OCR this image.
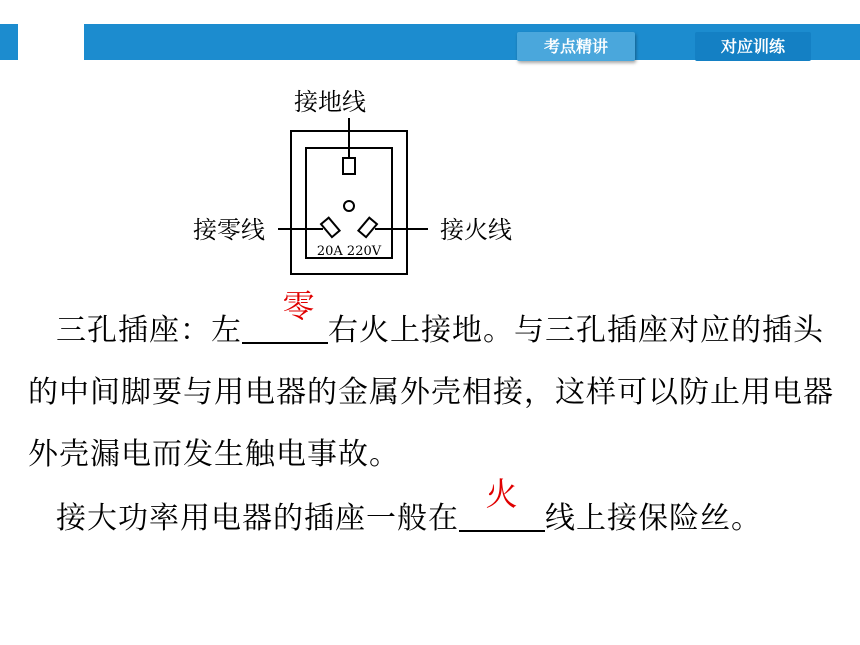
考点精讲	对应训练
接地线
接零线	接火线
20A 220V
三孔插座：左
零
右火上接地。与三孔插座对应的插头的中间脚要与用电器的金属外壳相接，这样可以防止用电器外壳漏电而发生触电事故。
接大功率用电器的插座一般在
火
线上接保险丝。
